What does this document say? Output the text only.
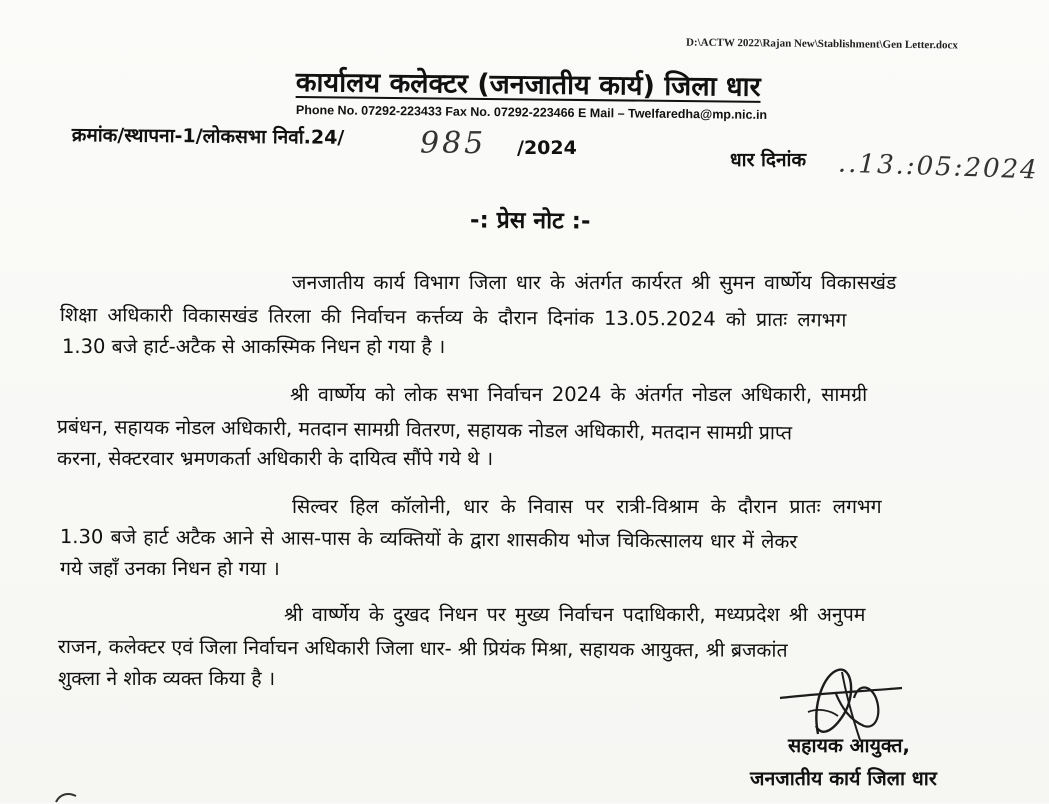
D:\ACTW 2022\Rajan New\Stablishment\Gen Letter.docx
कार्यालय कलेक्टर (जनजातीय कार्य) जिला धार
Phone No. 07292-223433 Fax No. 07292-223466 E Mail – Twelfaredha@mp.nic.in
क्रमांक/स्थापना-1/लोकसभा निर्वा.24/	985 /2024
धार दिनांक ..13.:05:2024
-: प्रेस नोट :-
जनजातीय कार्य विभाग जिला धार के अंतर्गत कार्यरत श्री सुमन वार्ष्णेय विकासखंड
शिक्षा अधिकारी विकासखंड तिरला की निर्वाचन कर्त्तव्य के दौरान दिनांक 13.05.2024 को प्रातः लगभग
1.30 बजे हार्ट-अटैक से आकस्मिक निधन हो गया है ।
श्री वार्ष्णेय को लोक सभा निर्वाचन 2024 के अंतर्गत नोडल अधिकारी, सामग्री
प्रबंधन, सहायक नोडल अधिकारी, मतदान सामग्री वितरण, सहायक नोडल अधिकारी, मतदान सामग्री प्राप्त
करना, सेक्टरवार भ्रमणकर्ता अधिकारी के दायित्व सौंपे गये थे ।
सिल्वर हिल कॉलोनी, धार के निवास पर रात्री-विश्राम के दौरान प्रातः लगभग
1.30 बजे हार्ट अटैक आने से आस-पास के व्यक्तियों के द्वारा शासकीय भोज चिकित्सालय धार में लेकर
गये जहाँ उनका निधन हो गया ।
श्री वार्ष्णेय के दुखद निधन पर मुख्य निर्वाचन पदाधिकारी, मध्यप्रदेश श्री अनुपम
राजन, कलेक्टर एवं जिला निर्वाचन अधिकारी जिला धार- श्री प्रियंक मिश्रा, सहायक आयुक्त, श्री ब्रजकांत
शुक्ला ने शोक व्यक्त किया है ।
सहायक आयुक्त,
जनजातीय कार्य जिला धार
